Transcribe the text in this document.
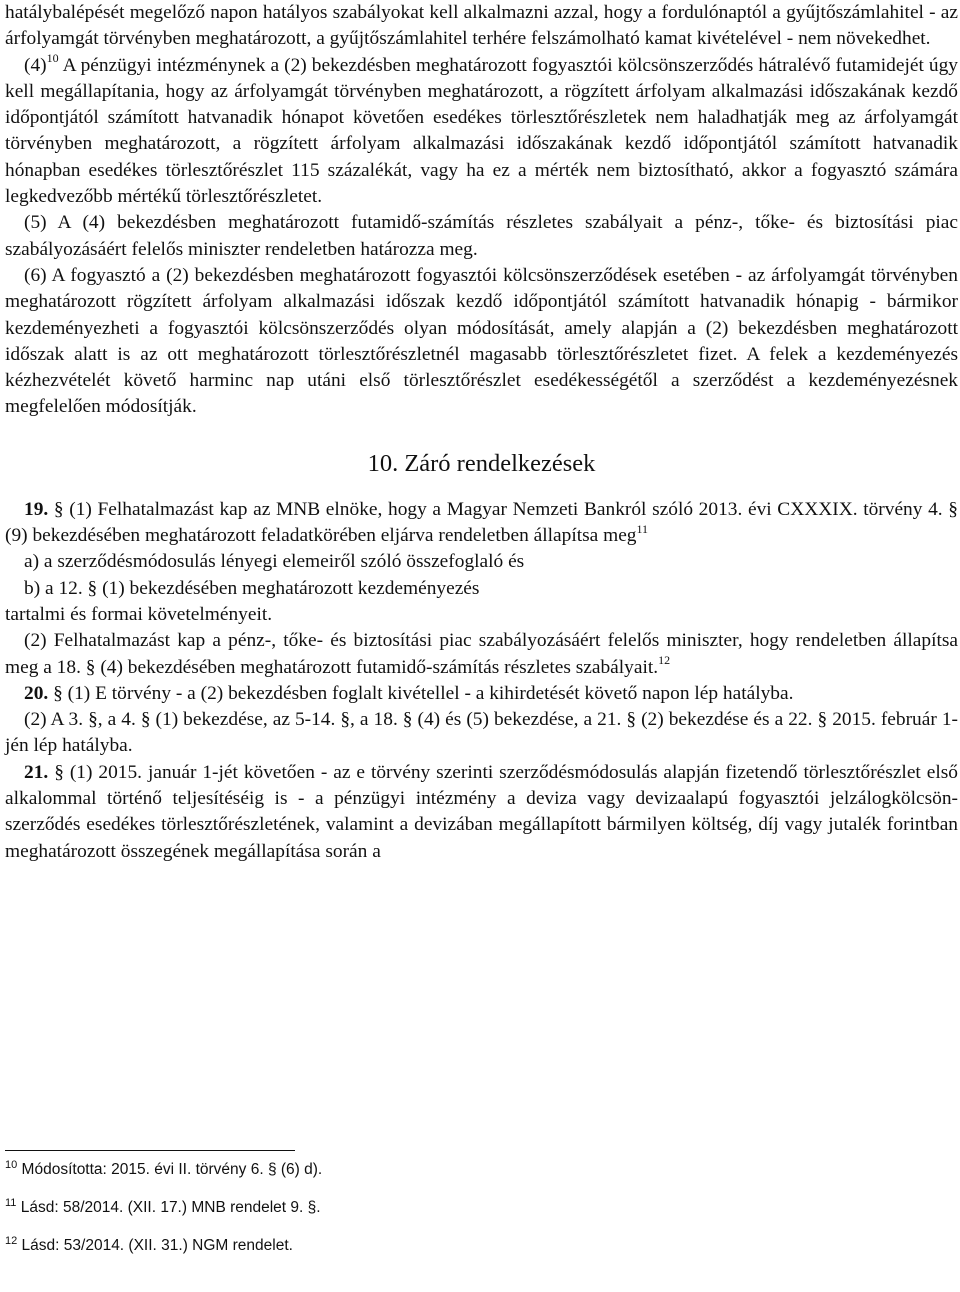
hatálybalépését megelőző napon hatályos szabályokat kell alkalmazni azzal, hogy a fordulónaptól a gyűjtőszámlahitel - az árfolyamgát törvényben meghatározott, a gyűjtőszámlahitel terhére felszámolható kamat kivételével - nem növekedhet.

$(4)^{10}$ A pénzügyi intézménynek a (2) bekezdésben meghatározott fogyasztói kölcsönszerződés hátralévő futamidejét úgy kell megállapítania, hogy az árfolyamgát törvényben meghatározott, a rögzített árfolyam alkalmazási időszakának kezdő időpontjától számított hatvanadik hónapot követően esedékes törlesztőrészletek nem haladhatják meg az árfolyamgát törvényben meghatározott, a rögzített árfolyam alkalmazási időszakának kezdő időpontjától számított hatvanadik hónapban esedékes törlesztőrészlet 115 százalékát, vagy ha ez a mérték nem biztosítható, akkor a fogyasztó számára legkedvezőbb mértékű törlesztőrészletet.

(5) A (4) bekezdésben meghatározott futamidő-számítás részletes szabályait a pénz-, tőke- és biztosítási piac szabályozásáért felelős miniszter rendeletben határozza meg.

(6) A fogyasztó a (2) bekezdésben meghatározott fogyasztói kölcsönszerződések esetében - az árfolyamgát törvényben meghatározott rögzített árfolyam alkalmazási időszak kezdő időpontjától számított hatvanadik hónapig - bármikor kezdeményezheti a fogyasztói kölcsönszerződés olyan módosítását, amely alapján a (2) bekezdésben meghatározott időszak alatt is az ott meghatározott törlesztőrészletnél magasabb törlesztőrészletet fizet. A felek a kezdeményezés kézhezvételét követő harminc nap utáni első törlesztőrészlet esedékességétől a szerződést a kezdeményezésnek megfelelően módosítják.

10. Záró rendelkezések

19. § (1) Felhatalmazást kap az MNB elnöke, hogy a Magyar Nemzeti Bankról szóló 2013. évi CXXXIX. törvény 4. § (9) bekezdésében meghatározott feladatkörében eljárva rendeletben állapítsa meg$^{11}$

a) a szerződésmódosulás lényegi elemeiről szóló összefoglaló és

b) a 12. § (1) bekezdésében meghatározott kezdeményezés

tartalmi és formai követelményeit.

(2) Felhatalmazást kap a pénz-, tőke- és biztosítási piac szabályozásáért felelős miniszter, hogy rendeletben állapítsa meg a 18. § (4) bekezdésében meghatározott futamidő-számítás részletes szabályait.$^{12}$

20. § (1) E törvény - a (2) bekezdésben foglalt kivétellel - a kihirdetését követő napon lép hatályba.

(2) A 3. §, a 4. § (1) bekezdése, az 5-14. §, a 18. § (4) és (5) bekezdése, a 21. § (2) bekezdése és a 22. § 2015. február 1-jén lép hatályba.

21. § (1) 2015. január 1-jét követően - az e törvény szerinti szerződésmódosulás alapján fizetendő törlesztőrészlet első alkalommal történő teljesítéséig is - a pénzügyi intézmény a deviza vagy devizaalapú fogyasztói jelzálogkölcsön-szerződés esedékes törlesztőrészletének, valamint a devizában megállapított bármilyen költség, díj vagy jutalék forintban meghatározott összegének megállapítása során a

$^{10}$ Módosította: 2015. évi II. törvény 6. § (6) d).

$^{11}$ Lásd: 58/2014. (XII. 17.) MNB rendelet 9. §.

$^{12}$ Lásd: 53/2014. (XII. 31.) NGM rendelet.
